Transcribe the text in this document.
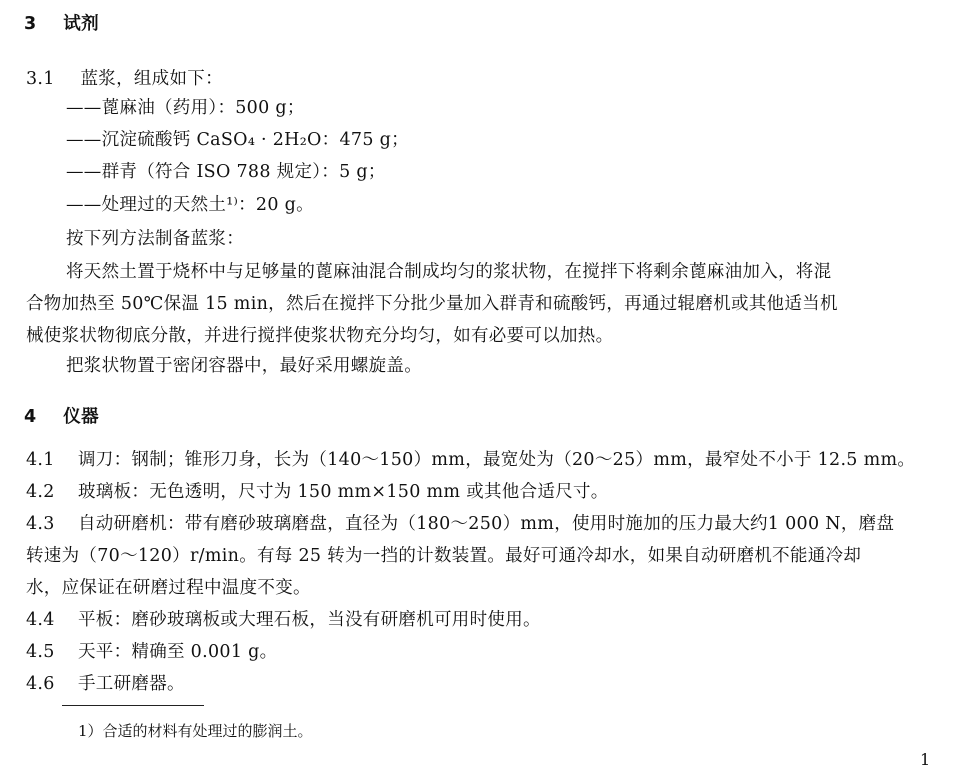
3 试剂
3.1 蓝浆，组成如下：
——蓖麻油（药用）：500 g；
——沉淀硫酸钙 CaSO₄ · 2H₂O：475 g；
——群青（符合 ISO 788 规定）：5 g；
——处理过的天然土¹⁾：20 g。
按下列方法制备蓝浆：
将天然土置于烧杯中与足够量的蓖麻油混合制成均匀的浆状物，在搅拌下将剩余蓖麻油加入，将混
合物加热至 50℃保温 15 min，然后在搅拌下分批少量加入群青和硫酸钙，再通过辊磨机或其他适当机
械使浆状物彻底分散，并进行搅拌使浆状物充分均匀，如有必要可以加热。
把浆状物置于密闭容器中，最好采用螺旋盖。
4 仪器
4.1 调刀：钢制；锥形刀身，长为（140～150）mm，最宽处为（20～25）mm，最窄处不小于 12.5 mm。
4.2 玻璃板：无色透明，尺寸为 150 mm×150 mm 或其他合适尺寸。
4.3 自动研磨机：带有磨砂玻璃磨盘，直径为（180～250）mm，使用时施加的压力最大约1 000 N，磨盘
转速为（70～120）r/min。有每 25 转为一挡的计数装置。最好可通冷却水，如果自动研磨机不能通冷却
水，应保证在研磨过程中温度不变。
4.4 平板：磨砂玻璃板或大理石板，当没有研磨机可用时使用。
4.5 天平：精确至 0.001 g。
4.6 手工研磨器。
1）合适的材料有处理过的膨润土。
1
